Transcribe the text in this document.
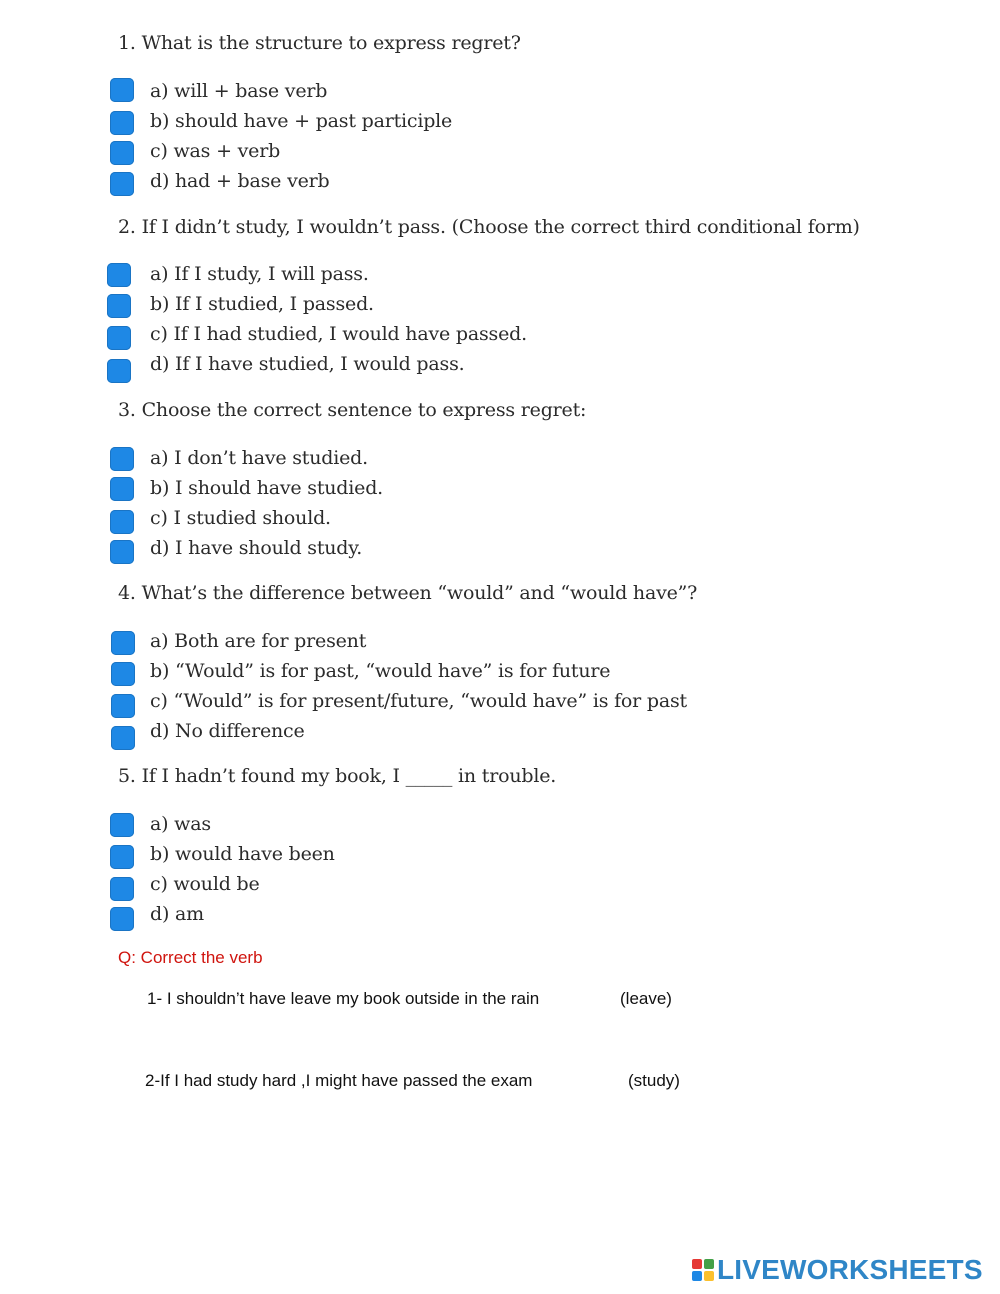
1. What is the structure to express regret?
a) will + base verb
b) should have + past participle
c) was + verb
d) had + base verb
2. If I didn’t study, I wouldn’t pass. (Choose the correct third conditional form)
a) If I study, I will pass.
b) If I studied, I passed.
c) If I had studied, I would have passed.
d) If I have studied, I would pass.
3. Choose the correct sentence to express regret:
a) I don’t have studied.
b) I should have studied.
c) I studied should.
d) I have should study.
4. What’s the difference between “would” and “would have”?
a) Both are for present
b) “Would” is for past, “would have” is for future
c) “Would” is for present/future, “would have” is for past
d) No difference
5. If I hadn’t found my book, I _____ in trouble.
a) was
b) would have been
c) would be
d) am
Q: Correct the verb
1- I shouldn’t have leave my book outside in the rain	(leave)
2-If I had study hard ,I might have passed the exam	(study)
LIVEWORKSHEETS
